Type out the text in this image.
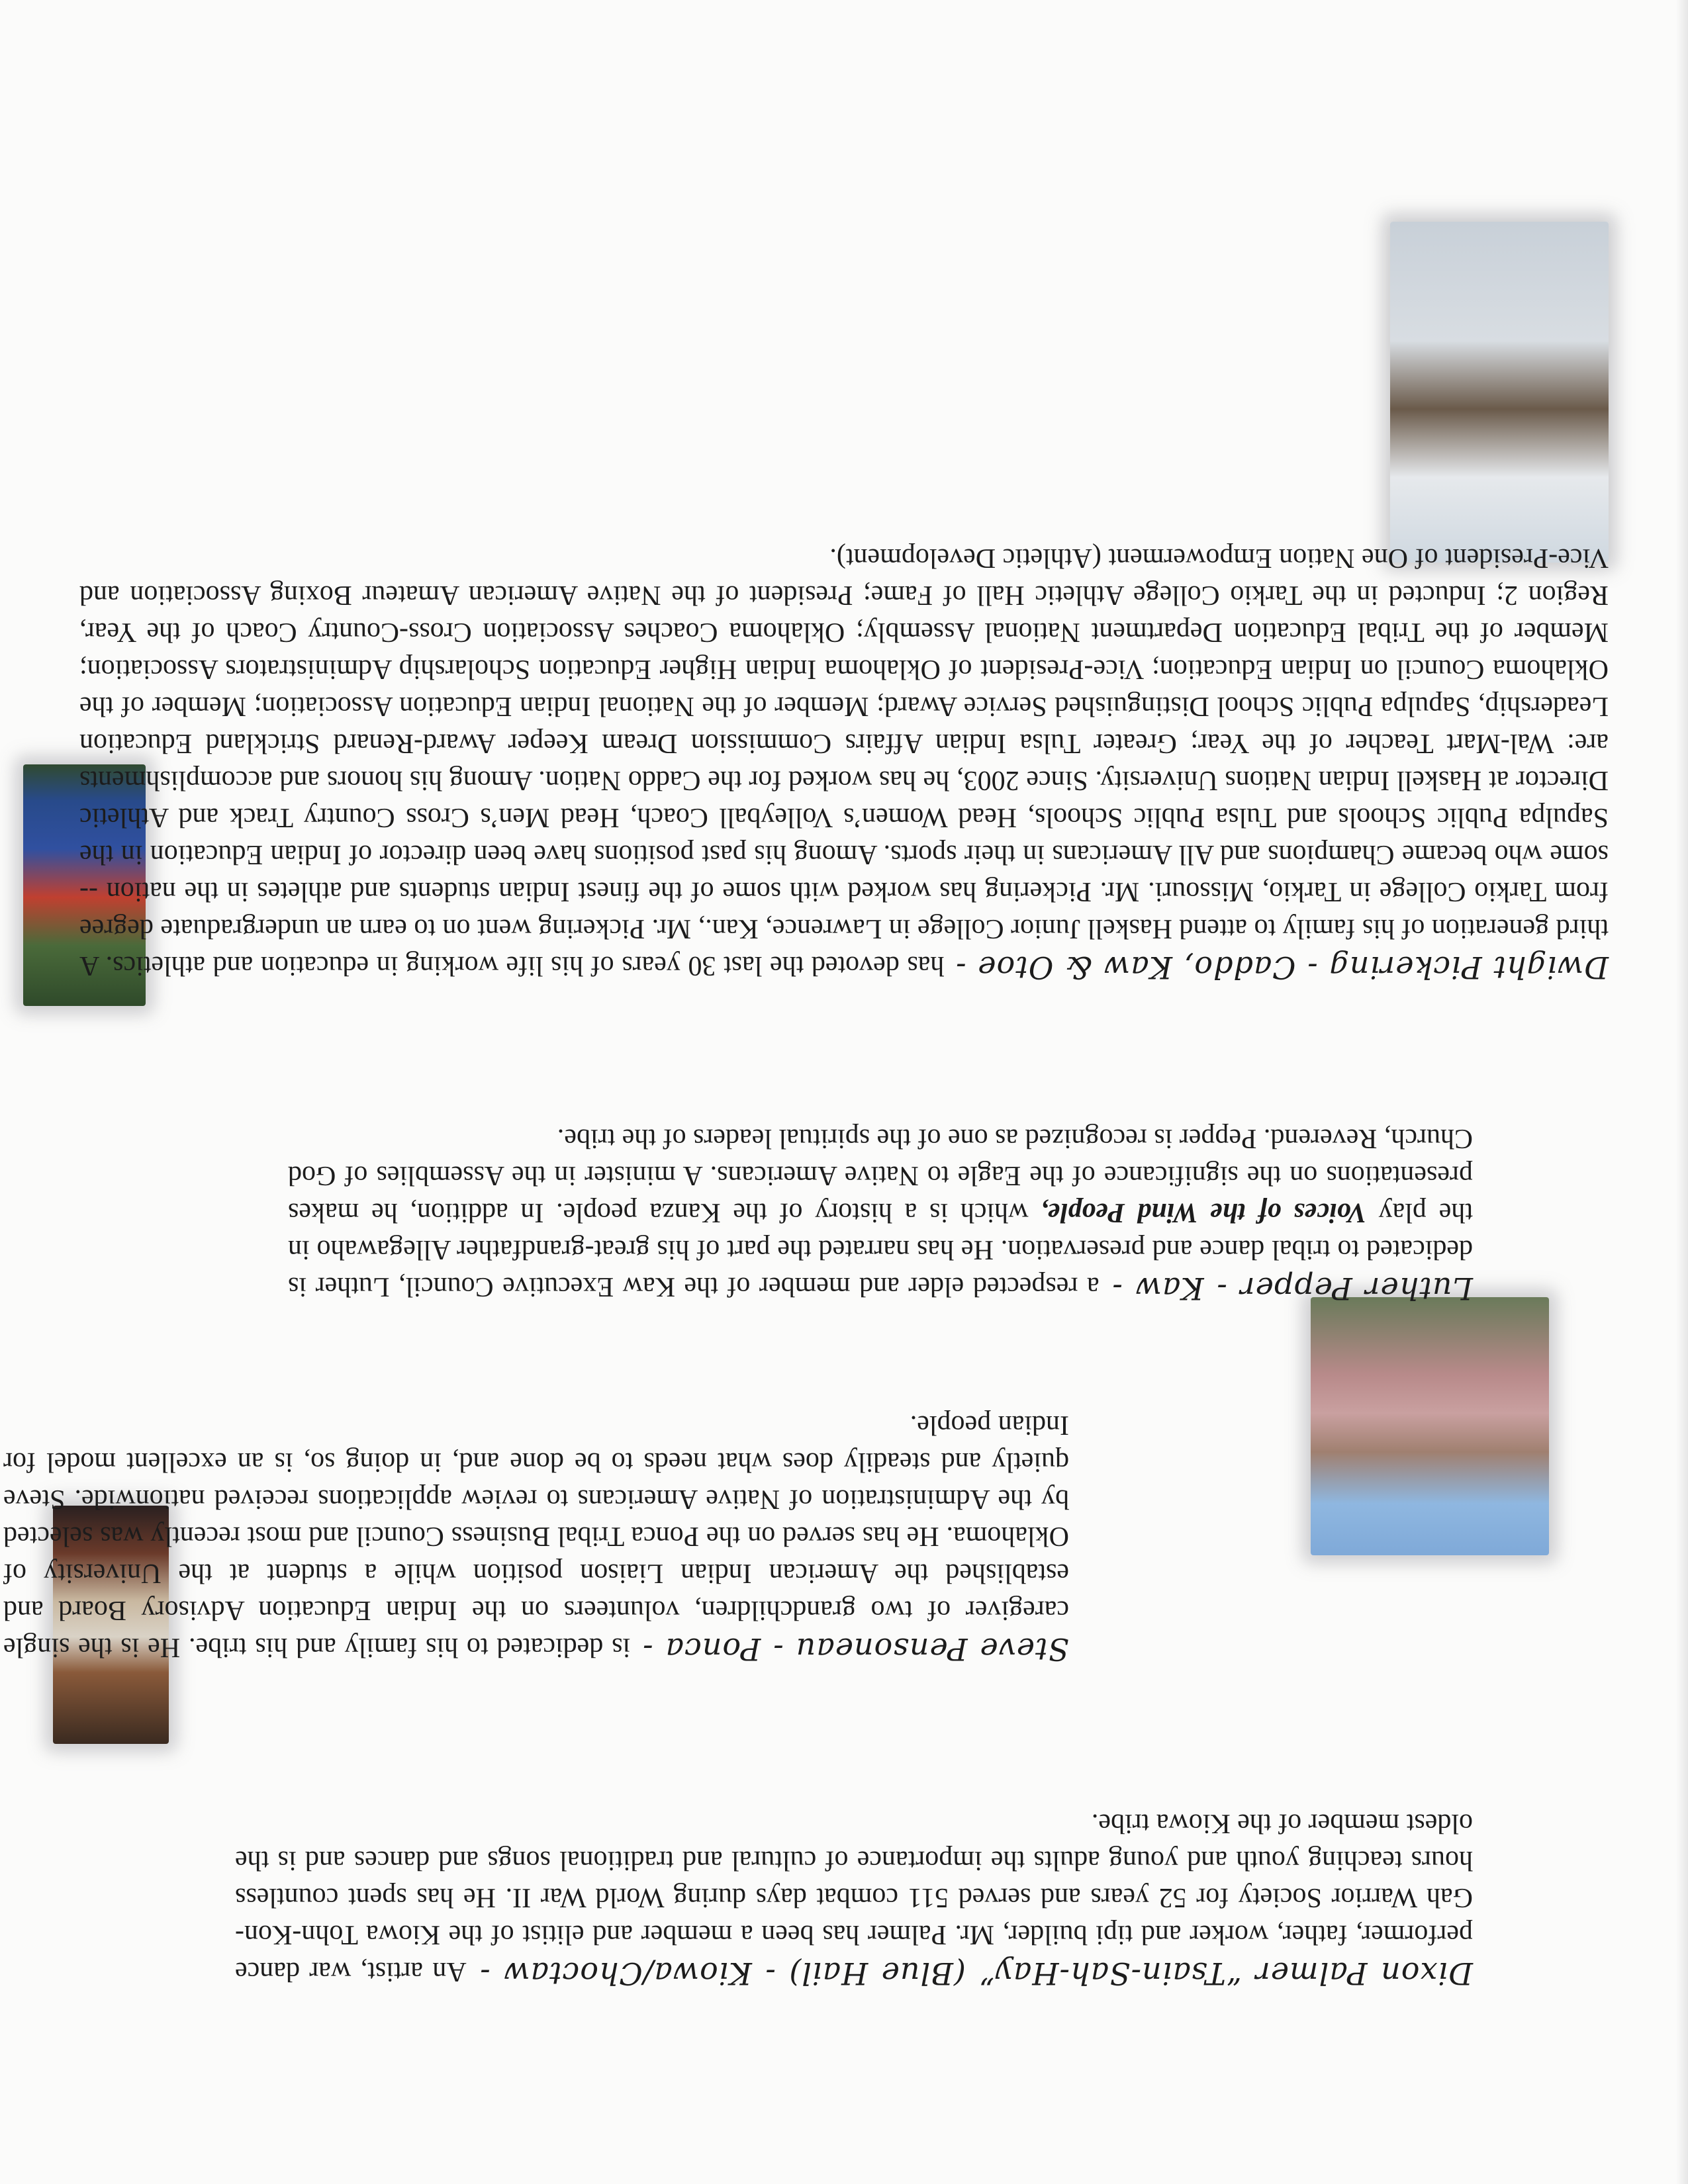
Dixon Palmer “Tsain-Sah-Hay” (Blue Hail) - Kiowa/Choctaw - An artist, war dance performer, father, worker and tipi builder, Mr. Palmer has been a member and elitist of the Kiowa Tohn-Kon-Gah Warrior Society for 52 years and served 511 combat days during World War II. He has spent countless hours teaching youth and young adults the importance of cultural and traditional songs and dances and is the oldest member of the Kiowa tribe.

Steve Pensoneau - Ponca - is dedicated to his family and his tribe. He is the single caregiver of two grandchildren, volunteers on the Indian Education Advisory Board and established the American Indian Liaison position while a student at the University of Oklahoma. He has served on the Ponca Tribal Business Council and most recently was selected by the Administration of Native Americans to review applications received nationwide. Steve quietly and steadily does what needs to be done and, in doing so, is an excellent model for Indian people.

Luther Pepper - Kaw - a respected elder and member of the Kaw Executive Council, Luther is dedicated to tribal dance and preservation. He has narrated the part of his great-grandfather Allegawaho in the play Voices of the Wind People, which is a history of the Kanza people. In addition, he makes presentations on the significance of the Eagle to Native Americans. A minister in the Assemblies of God Church, Reverend. Pepper is recognized as one of the spiritual leaders of the tribe.

Dwight Pickering - Caddo, Kaw & Otoe - has devoted the last 30 years of his life working in education and athletics. A third generation of his family to attend Haskell Junior College in Lawrence, Kan., Mr. Pickering went on to earn an undergraduate degree from Tarkio College in Tarkio, Missouri. Mr. Pickering has worked with some of the finest Indian students and athletes in the nation -- some who became Champions and All Americans in their sports. Among his past positions have been director of Indian Education in the Sapulpa Public Schools and Tulsa Public Schools, Head Women’s Volleyball Coach, Head Men’s Cross Country Track and Athletic Director at Haskell Indian Nations University. Since 2003, he has worked for the Caddo Nation. Among his honors and accomplishments are: Wal-Mart Teacher of the Year; Greater Tulsa Indian Affairs Commission Dream Keeper Award-Renard Strickland Education Leadership, Sapulpa Public School Distinguished Service Award; Member of the National Indian Education Association; Member of the Oklahoma Council on Indian Education; Vice-President of Oklahoma Indian Higher Education Scholarship Administrators Association; Member of the Tribal Education Department National Assembly; Oklahoma Coaches Association Cross-Country Coach of the Year, Region 2; Inducted in the Tarkio College Athletic Hall of Fame; President of the Native American Amateur Boxing Association and Vice-President of One Nation Empowerment (Athletic Development).
